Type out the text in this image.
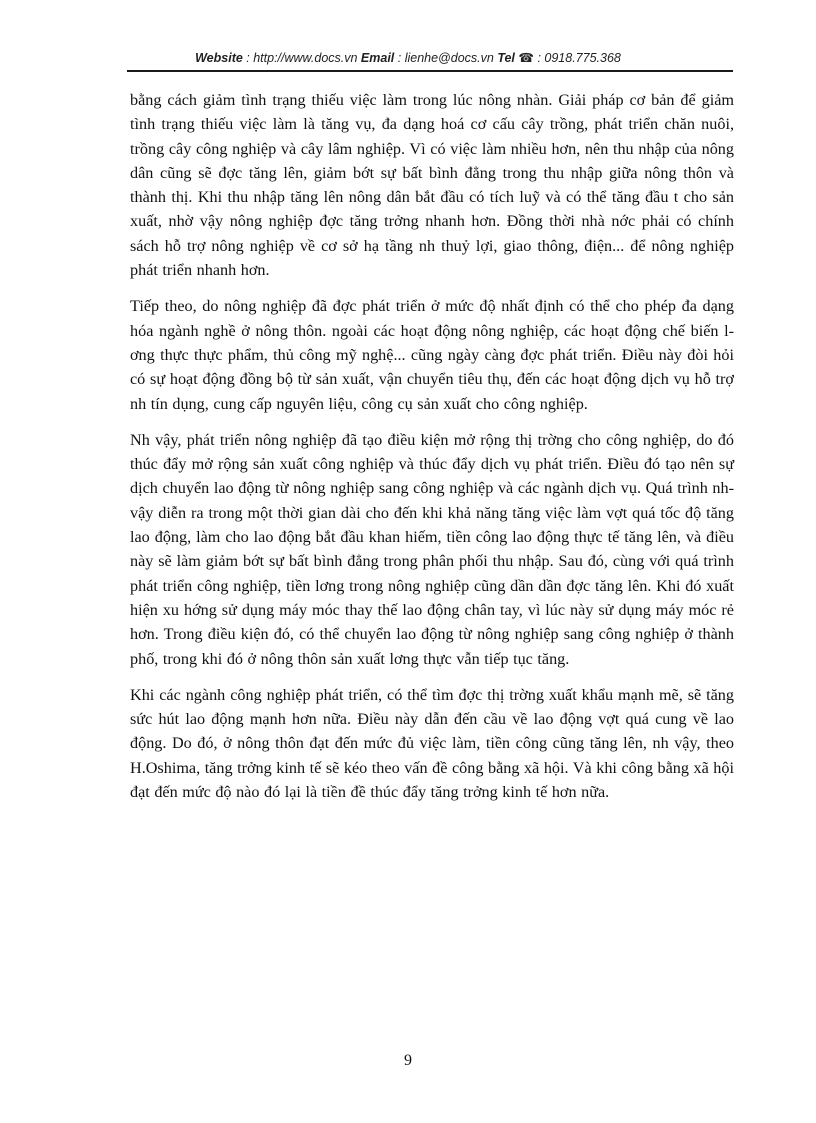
Website : http://www.docs.vn Email : lienhe@docs.vn Tel ☎ : 0918.775.368

bằng cách giảm tình trạng thiếu việc làm trong lúc nông nhàn. Giải pháp cơ bản để giảm tình trạng thiếu việc làm là tăng vụ, đa dạng hoá cơ cấu cây trồng, phát triển chăn nuôi, trồng cây công nghiệp và cây lâm nghiệp. Vì có việc làm nhiều hơn, nên thu nhập của nông dân cũng sẽ đợc tăng lên, giảm bớt sự bất bình đẳng trong thu nhập giữa nông thôn và thành thị. Khi thu nhập tăng lên nông dân bắt đầu có tích luỹ và có thể tăng đầu t cho sản xuất, nhờ vậy nông nghiệp đợc tăng trởng nhanh hơn. Đồng thời nhà nớc phải có chính sách hỗ trợ nông nghiệp về cơ sở hạ tầng nh thuỷ lợi, giao thông, điện... để nông nghiệp phát triển nhanh hơn.

Tiếp theo, do nông nghiệp đã đợc phát triển ở mức độ nhất định có thể cho phép đa dạng hóa ngành nghề ở nông thôn. ngoài các hoạt động nông nghiệp, các hoạt động chế biến lơng thực thực phẩm, thủ công mỹ nghệ... cũng ngày càng đợc phát triển. Điều này đòi hỏi có sự hoạt động đồng bộ từ sản xuất, vận chuyển tiêu thụ, đến các hoạt động dịch vụ hỗ trợ nh tín dụng, cung cấp nguyên liệu, công cụ sản xuất cho công nghiệp.

Nh vậy, phát triển nông nghiệp đã tạo điều kiện mở rộng thị trờng cho công nghiệp, do đó thúc đẩy mở rộng sản xuất công nghiệp và thúc đẩy dịch vụ phát triển. Điều đó tạo nên sự dịch chuyển lao động từ nông nghiệp sang công nghiệp và các ngành dịch vụ. Quá trình nh vậy diễn ra trong một thời gian dài cho đến khi khả năng tăng việc làm vợt quá tốc độ tăng lao động, làm cho lao động bắt đầu khan hiếm, tiền công lao động thực tế tăng lên, và điều này sẽ làm giảm bớt sự bất bình đẳng trong phân phối thu nhập. Sau đó, cùng với quá trình phát triển công nghiệp, tiền lơng trong nông nghiệp cũng dần dần đợc tăng lên. Khi đó xuất hiện xu hớng sử dụng máy móc thay thế lao động chân tay, vì lúc này sử dụng máy móc rẻ hơn. Trong điều kiện đó, có thể chuyển lao động từ nông nghiệp sang công nghiệp ở thành phố, trong khi đó ở nông thôn sản xuất lơng thực vẫn tiếp tục tăng.

Khi các ngành công nghiệp phát triển, có thể tìm đợc thị trờng xuất khẩu mạnh mẽ, sẽ tăng sức hút lao động mạnh hơn nữa. Điều này dẫn đến cầu về lao động vợt quá cung về lao động. Do đó, ở nông thôn đạt đến mức đủ việc làm, tiền công cũng tăng lên, nh vậy, theo H.Oshima, tăng trởng kinh tế sẽ kéo theo vấn đề công bằng xã hội. Và khi công bằng xã hội đạt đến mức độ nào đó lại là tiền đề thúc đẩy tăng trởng kinh tế hơn nữa.

9
